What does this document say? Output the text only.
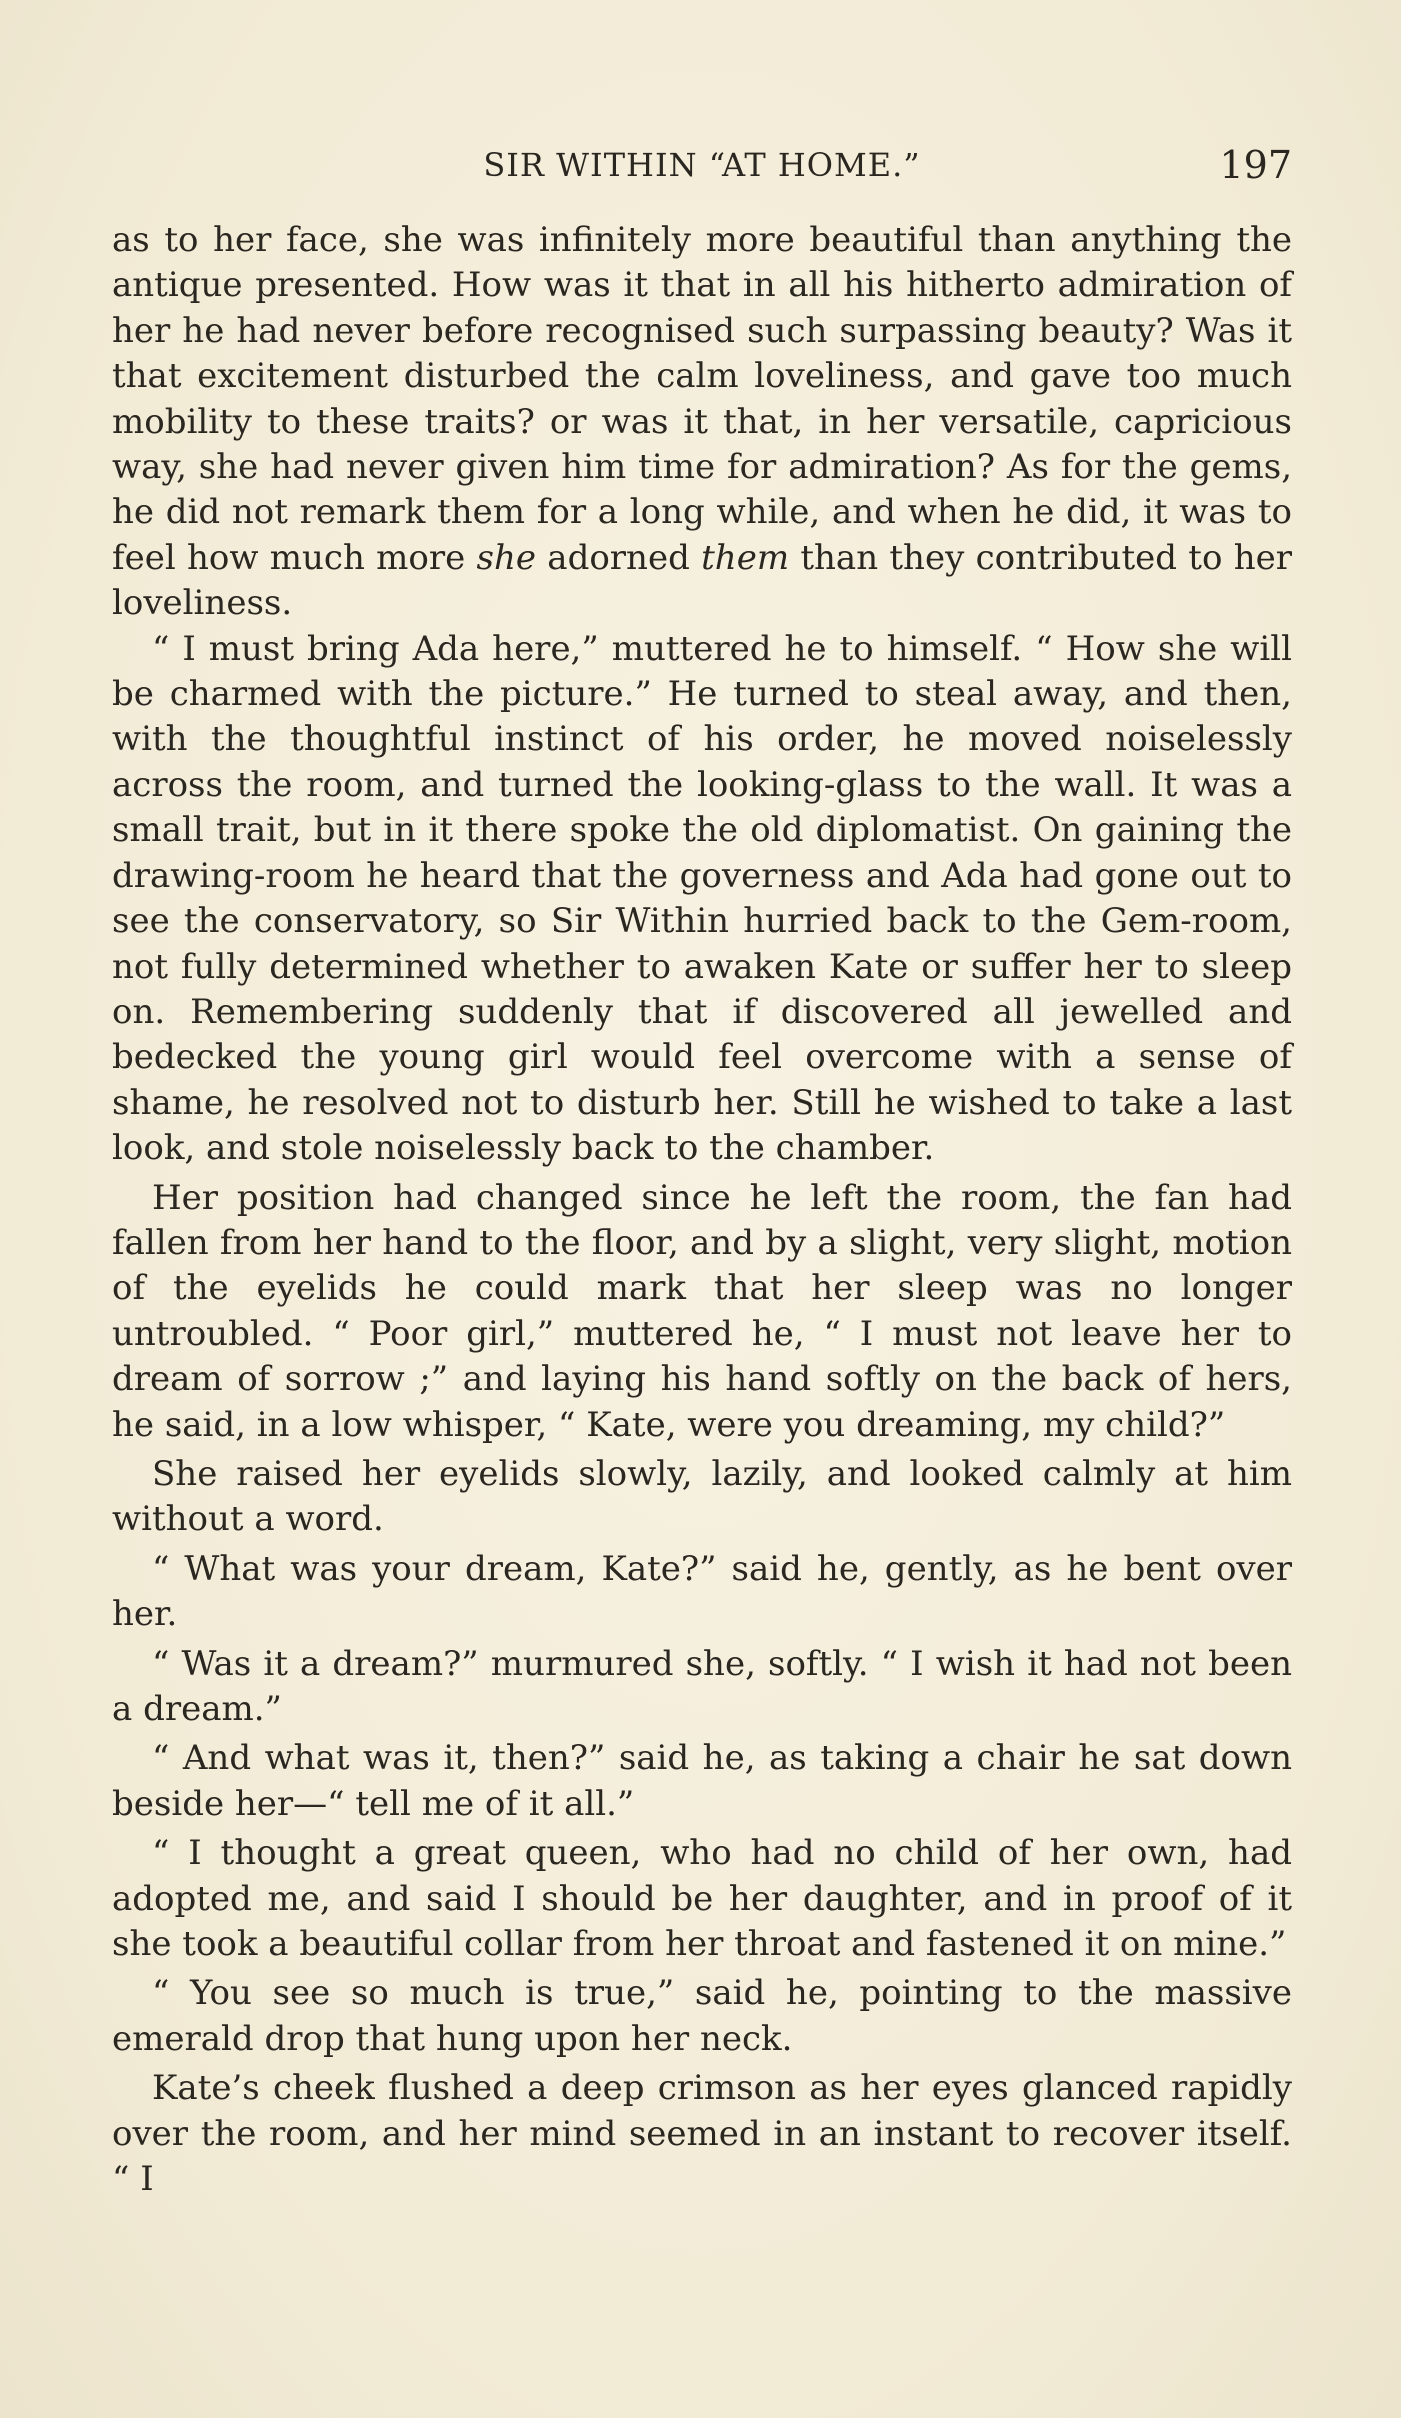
SIR WITHIN “AT HOME.”	197

as to her face, she was infinitely more beautiful than anything the antique presented. How was it that in all his hitherto admiration of her he had never before recognised such surpassing beauty? Was it that excitement disturbed the calm loveliness, and gave too much mobility to these traits? or was it that, in her versatile, capricious way, she had never given him time for admiration? As for the gems, he did not remark them for a long while, and when he did, it was to feel how much more she adorned them than they contributed to her loveliness.

“ I must bring Ada here,” muttered he to himself. “ How she will be charmed with the picture.” He turned to steal away, and then, with the thoughtful instinct of his order, he moved noiselessly across the room, and turned the looking-glass to the wall. It was a small trait, but in it there spoke the old diplomatist. On gaining the drawing-room he heard that the governess and Ada had gone out to see the conservatory, so Sir Within hurried back to the Gem-room, not fully determined whether to awaken Kate or suffer her to sleep on. Remembering suddenly that if discovered all jewelled and bedecked the young girl would feel overcome with a sense of shame, he resolved not to disturb her. Still he wished to take a last look, and stole noiselessly back to the chamber.

Her position had changed since he left the room, the fan had fallen from her hand to the floor, and by a slight, very slight, motion of the eyelids he could mark that her sleep was no longer untroubled. “ Poor girl,” muttered he, “ I must not leave her to dream of sorrow ;” and laying his hand softly on the back of hers, he said, in a low whisper, “ Kate, were you dreaming, my child?”

She raised her eyelids slowly, lazily, and looked calmly at him without a word.

“ What was your dream, Kate?” said he, gently, as he bent over her.

“ Was it a dream?” murmured she, softly. “ I wish it had not been a dream.”

“ And what was it, then?” said he, as taking a chair he sat down beside her—“ tell me of it all.”

“ I thought a great queen, who had no child of her own, had adopted me, and said I should be her daughter, and in proof of it she took a beautiful collar from her throat and fastened it on mine.”

“ You see so much is true,” said he, pointing to the massive emerald drop that hung upon her neck.

Kate’s cheek flushed a deep crimson as her eyes glanced rapidly over the room, and her mind seemed in an instant to recover itself. “ I
